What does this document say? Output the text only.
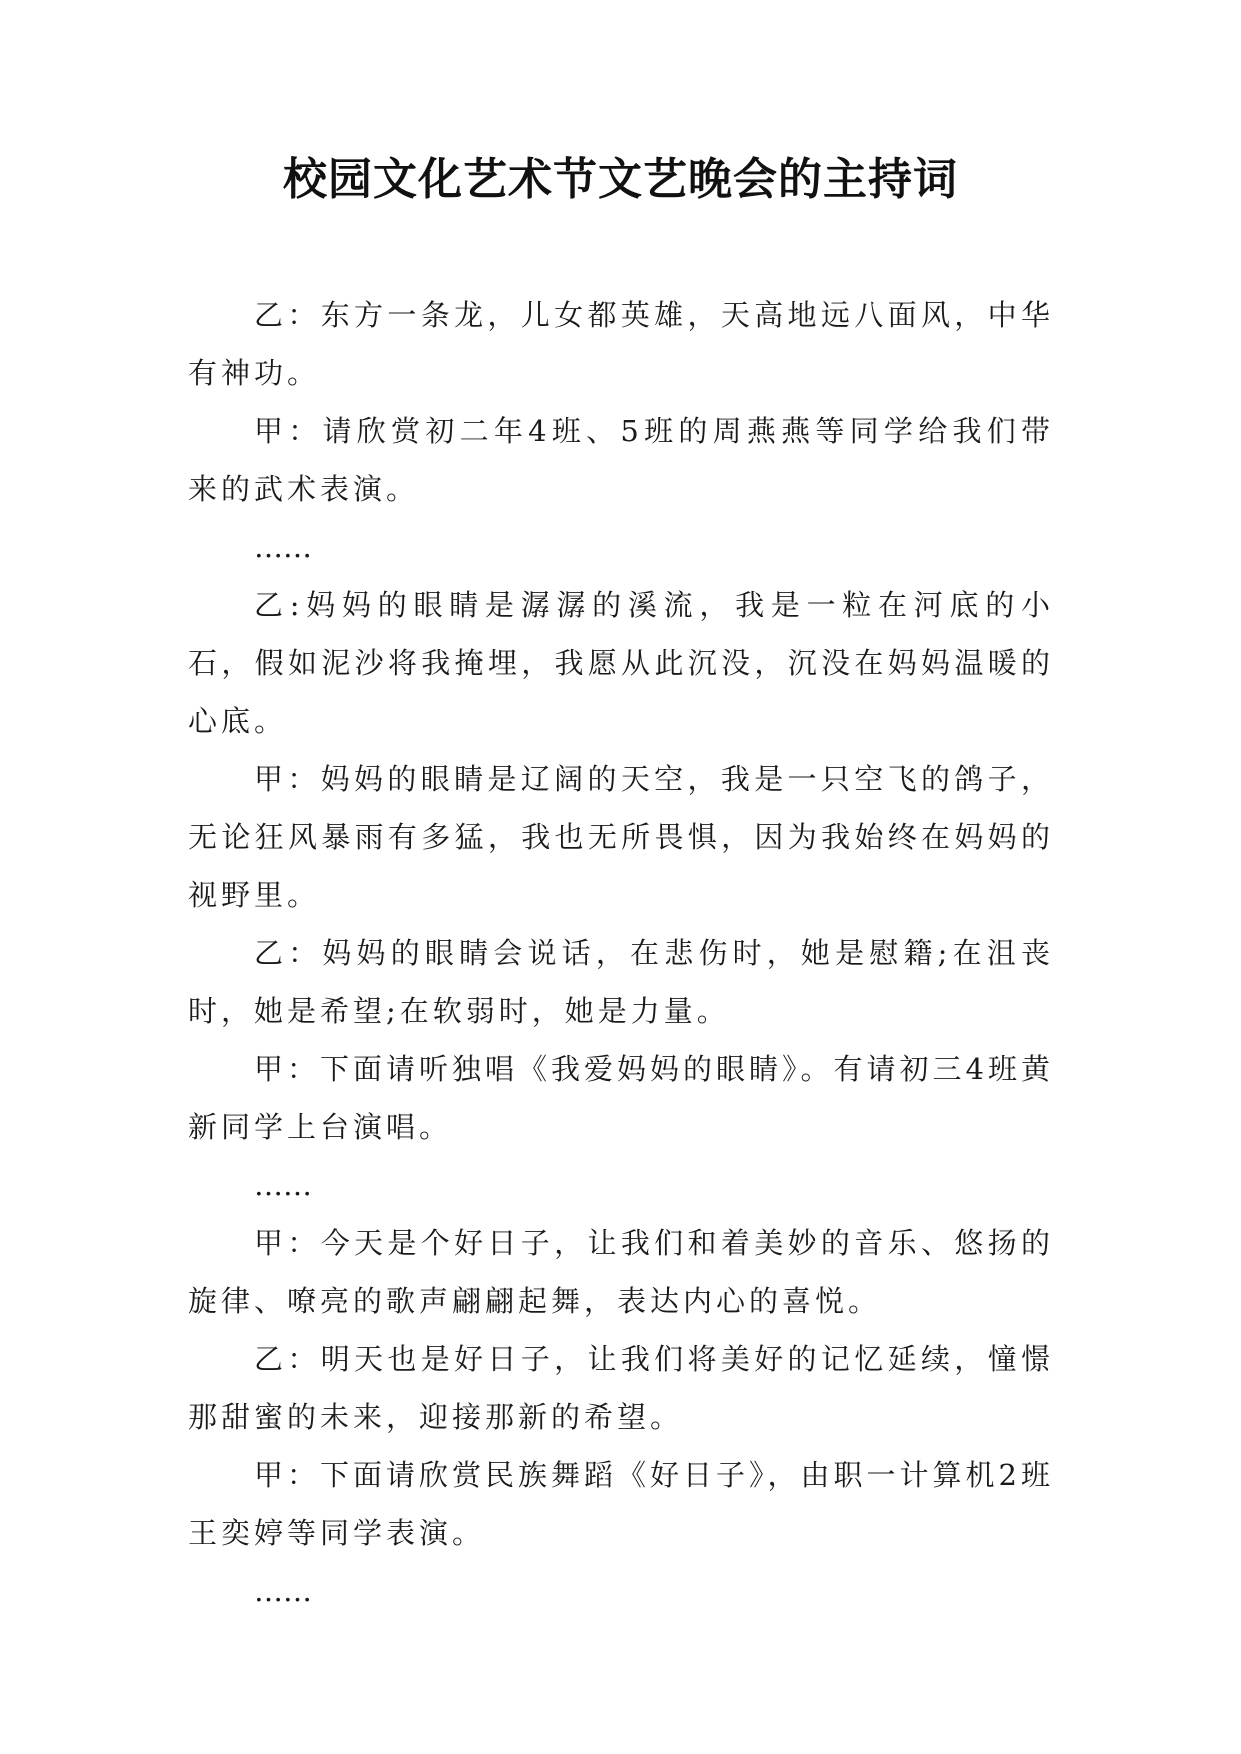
校园文化艺术节文艺晚会的主持词

乙：东方一条龙，儿女都英雄，天高地远八面风，中华有神功。

甲：请欣赏初二年4班、5班的周燕燕等同学给我们带来的武术表演。

……

乙:妈妈的眼睛是潺潺的溪流，我是一粒在河底的小石，假如泥沙将我掩埋，我愿从此沉没，沉没在妈妈温暖的心底。

甲：妈妈的眼睛是辽阔的天空，我是一只空飞的鸽子，无论狂风暴雨有多猛，我也无所畏惧，因为我始终在妈妈的视野里。

乙：妈妈的眼睛会说话，在悲伤时，她是慰籍;在沮丧时，她是希望;在软弱时，她是力量。

甲：下面请听独唱《我爱妈妈的眼睛》。有请初三4班黄新同学上台演唱。

……

甲：今天是个好日子，让我们和着美妙的音乐、悠扬的旋律、嘹亮的歌声翩翩起舞，表达内心的喜悦。

乙：明天也是好日子，让我们将美好的记忆延续，憧憬那甜蜜的未来，迎接那新的希望。

甲：下面请欣赏民族舞蹈《好日子》，由职一计算机2班王奕婷等同学表演。

……
